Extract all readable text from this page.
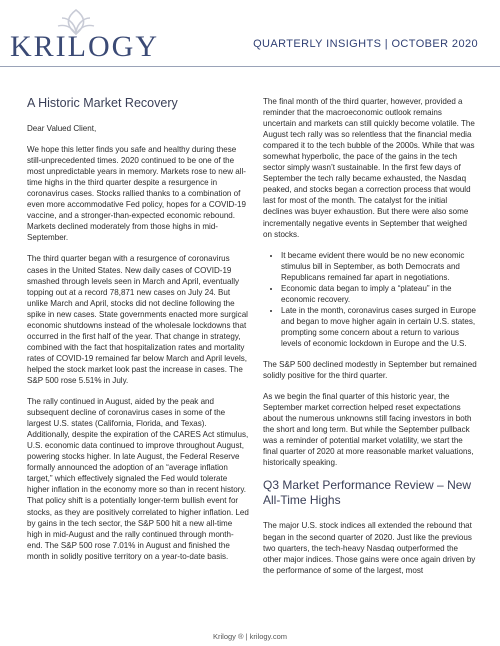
KRILOGY	QUARTERLY INSIGHTS | OCTOBER 2020
A Historic Market Recovery

Dear Valued Client,

We hope this letter finds you safe and healthy during these still-unprecedented times. 2020 continued to be one of the most unpredictable years in memory. Markets rose to new all-time highs in the third quarter despite a resurgence in coronavirus cases. Stocks rallied thanks to a combination of even more accommodative Fed policy, hopes for a COVID-19 vaccine, and a stronger-than-expected economic rebound. Markets declined moderately from those highs in mid-September.

The third quarter began with a resurgence of coronavirus cases in the United States. New daily cases of COVID-19 smashed through levels seen in March and April, eventually topping out at a record 78,871 new cases on July 24. But unlike March and April, stocks did not decline following the spike in new cases. State governments enacted more surgical economic shutdowns instead of the wholesale lockdowns that occurred in the first half of the year. That change in strategy, combined with the fact that hospitalization rates and mortality rates of COVID-19 remained far below March and April levels, helped the stock market look past the increase in cases. The S&P 500 rose 5.51% in July.

The rally continued in August, aided by the peak and subsequent decline of coronavirus cases in some of the largest U.S. states (California, Florida, and Texas). Additionally, despite the expiration of the CARES Act stimulus, U.S. economic data continued to improve throughout August, powering stocks higher. In late August, the Federal Reserve formally announced the adoption of an “average inflation target,” which effectively signaled the Fed would tolerate higher inflation in the economy more so than in recent history. That policy shift is a potentially longer-term bullish event for stocks, as they are positively correlated to higher inflation. Led by gains in the tech sector, the S&P 500 hit a new all-time high in mid-August and the rally continued through month-end. The S&P 500 rose 7.01% in August and finished the month in solidly positive territory on a year-to-date basis.

The final month of the third quarter, however, provided a reminder that the macroeconomic outlook remains uncertain and markets can still quickly become volatile. The August tech rally was so relentless that the financial media compared it to the tech bubble of the 2000s. While that was somewhat hyperbolic, the pace of the gains in the tech sector simply wasn’t sustainable. In the first few days of September the tech rally became exhausted, the Nasdaq peaked, and stocks began a correction process that would last for most of the month. The catalyst for the initial declines was buyer exhaustion. But there were also some incrementally negative events in September that weighed on stocks.

• It became evident there would be no new economic stimulus bill in September, as both Democrats and Republicans remained far apart in negotiations.
• Economic data began to imply a “plateau” in the economic recovery.
• Late in the month, coronavirus cases surged in Europe and began to move higher again in certain U.S. states, prompting some concern about a return to various levels of economic lockdown in Europe and the U.S.

The S&P 500 declined modestly in September but remained solidly positive for the third quarter.

As we begin the final quarter of this historic year, the September market correction helped reset expectations about the numerous unknowns still facing investors in both the short and long term. But while the September pullback was a reminder of potential market volatility, we start the final quarter of 2020 at more reasonable market valuations, historically speaking.

Q3 Market Performance Review – New All-Time Highs

The major U.S. stock indices all extended the rebound that began in the second quarter of 2020. Just like the previous two quarters, the tech-heavy Nasdaq outperformed the other major indices. Those gains were once again driven by the performance of some of the largest, most

Krilogy ® | krilogy.com
